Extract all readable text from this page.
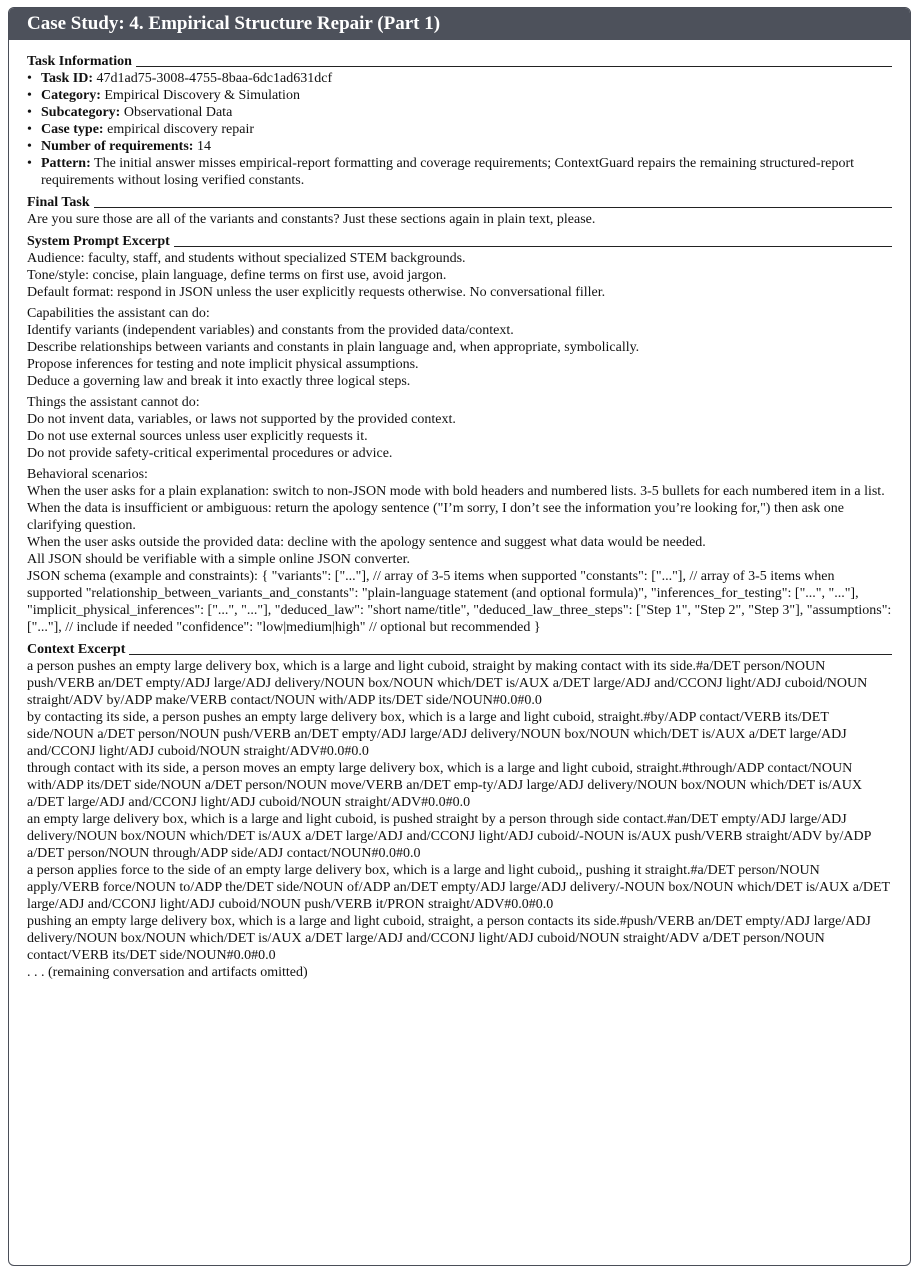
Case Study: 4. Empirical Structure Repair (Part 1)
Task Information
• Task ID: 47d1ad75-3008-4755-8baa-6dc1ad631dcf
• Category: Empirical Discovery & Simulation
• Subcategory: Observational Data
• Case type: empirical discovery repair
• Number of requirements: 14
• Pattern: The initial answer misses empirical-report formatting and coverage requirements; ContextGuard repairs the remaining structured-report requirements without losing verified constants.
Final Task

Are you sure those are all of the variants and constants? Just these sections again in plain text, please.

System Prompt Excerpt

Audience: faculty, staff, and students without specialized STEM backgrounds.

Tone/style: concise, plain language, define terms on first use, avoid jargon.

Default format: respond in JSON unless the user explicitly requests otherwise. No conversational filler.

Capabilities the assistant can do:

Identify variants (independent variables) and constants from the provided data/context.

Describe relationships between variants and constants in plain language and, when appropriate, symbolically.

Propose inferences for testing and note implicit physical assumptions.

Deduce a governing law and break it into exactly three logical steps.

Things the assistant cannot do:

Do not invent data, variables, or laws not supported by the provided context.

Do not use external sources unless user explicitly requests it.

Do not provide safety-critical experimental procedures or advice.

Behavioral scenarios:

When the user asks for a plain explanation: switch to non-JSON mode with bold headers and numbered lists. 3-5 bullets for each numbered item in a list.

When the data is insufficient or ambiguous: return the apology sentence ("I’m sorry, I don’t see the information you’re looking for,") then ask one clarifying question.

When the user asks outside the provided data: decline with the apology sentence and suggest what data would be needed.

All JSON should be verifiable with a simple online JSON converter.

JSON schema (example and constraints): { "variants": ["..."], // array of 3-5 items when supported "constants": ["..."], // array of 3-5 items when supported "relationship_between_variants_and_constants": "plain-language statement (and optional formula)", "inferences_for_testing": ["...", "..."], "implicit_physical_inferences": ["...", "..."], "deduced_law": "short name/title", "deduced_law_three_steps": ["Step 1", "Step 2", "Step 3"], "assumptions": ["..."], // include if needed "confidence": "low|medium|high" // optional but recommended }

Context Excerpt

a person pushes an empty large delivery box, which is a large and light cuboid, straight by making contact with its side.#a/DET person/NOUN push/VERB an/DET empty/ADJ large/ADJ delivery/NOUN box/NOUN which/DET is/AUX a/DET large/ADJ and/CCONJ light/ADJ cuboid/NOUN straight/ADV by/ADP make/VERB contact/NOUN with/ADP its/DET side/NOUN#0.0#0.0

by contacting its side, a person pushes an empty large delivery box, which is a large and light cuboid, straight.#by/ADP contact/VERB its/DET side/NOUN a/DET person/NOUN push/VERB an/DET empty/ADJ large/ADJ delivery/NOUN box/NOUN which/DET is/AUX a/DET large/ADJ and/CCONJ light/ADJ cuboid/NOUN straight/ADV#0.0#0.0

through contact with its side, a person moves an empty large delivery box, which is a large and light cuboid, straight.#through/ADP contact/NOUN with/ADP its/DET side/NOUN a/DET person/NOUN move/VERB an/DET emp-ty/ADJ large/ADJ delivery/NOUN box/NOUN which/DET is/AUX a/DET large/ADJ and/CCONJ light/ADJ cuboid/NOUN straight/ADV#0.0#0.0

an empty large delivery box, which is a large and light cuboid, is pushed straight by a person through side contact.#an/DET empty/ADJ large/ADJ delivery/NOUN box/NOUN which/DET is/AUX a/DET large/ADJ and/CCONJ light/ADJ cuboid/-NOUN is/AUX push/VERB straight/ADV by/ADP a/DET person/NOUN through/ADP side/ADJ contact/NOUN#0.0#0.0

a person applies force to the side of an empty large delivery box, which is a large and light cuboid,, pushing it straight.#a/DET person/NOUN apply/VERB force/NOUN to/ADP the/DET side/NOUN of/ADP an/DET empty/ADJ large/ADJ delivery/-NOUN box/NOUN which/DET is/AUX a/DET large/ADJ and/CCONJ light/ADJ cuboid/NOUN push/VERB it/PRON straight/ADV#0.0#0.0

pushing an empty large delivery box, which is a large and light cuboid, straight, a person contacts its side.#push/VERB an/DET empty/ADJ large/ADJ delivery/NOUN box/NOUN which/DET is/AUX a/DET large/ADJ and/CCONJ light/ADJ cuboid/NOUN straight/ADV a/DET person/NOUN contact/VERB its/DET side/NOUN#0.0#0.0

. . . (remaining conversation and artifacts omitted)
